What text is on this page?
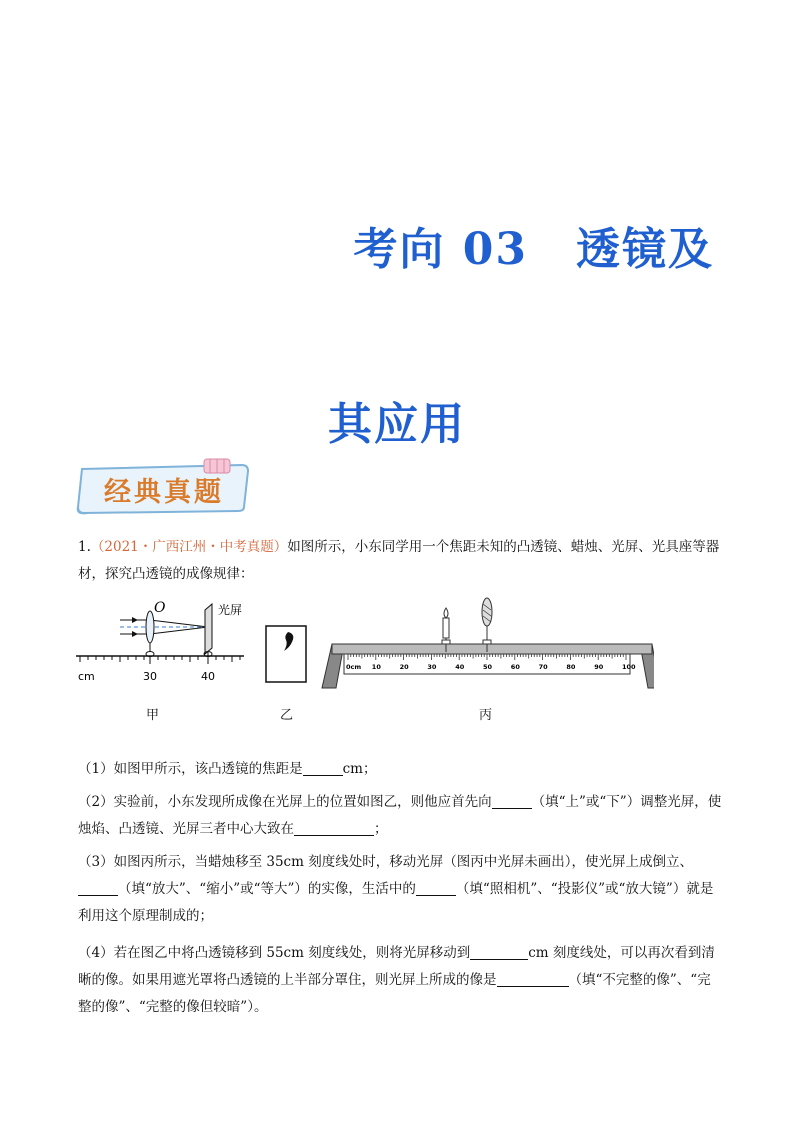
考向 03 透镜及
其应用
经典真题
1.（2021・广西江州・中考真题）如图所示，小东同学用一个焦距未知的凸透镜、蜡烛、光屏、光具座等器材，探究凸透镜的成像规律：
O	光屏
cm	30	40
0cm 10	20	30	40	50	60	70	80	90	100
甲	乙	丙
（1）如图甲所示，该凸透镜的焦距是	cm；
（2）实验前，小东发现所成像在光屏上的位置如图乙，则他应首先向	（填“上”或“下”）调整光屏，使烛焰、凸透镜、光屏三者中心大致在	；
（3）如图丙所示，当蜡烛移至 35cm 刻度线处时，移动光屏（图丙中光屏未画出），使光屏上成倒立、（填“放大”、“缩小”或“等大”）的实像，生活中的	（填“照相机”、“投影仪”或“放大镜”）就是利用这个原理制成的；
（4）若在图乙中将凸透镜移到 55cm 刻度线处，则将光屏移动到	cm 刻度线处，可以再次看到清晰的像。如果用遮光罩将凸透镜的上半部分罩住，则光屏上所成的像是	（填“不完整的像”、“完整的像”、“完整的像但较暗”）。
